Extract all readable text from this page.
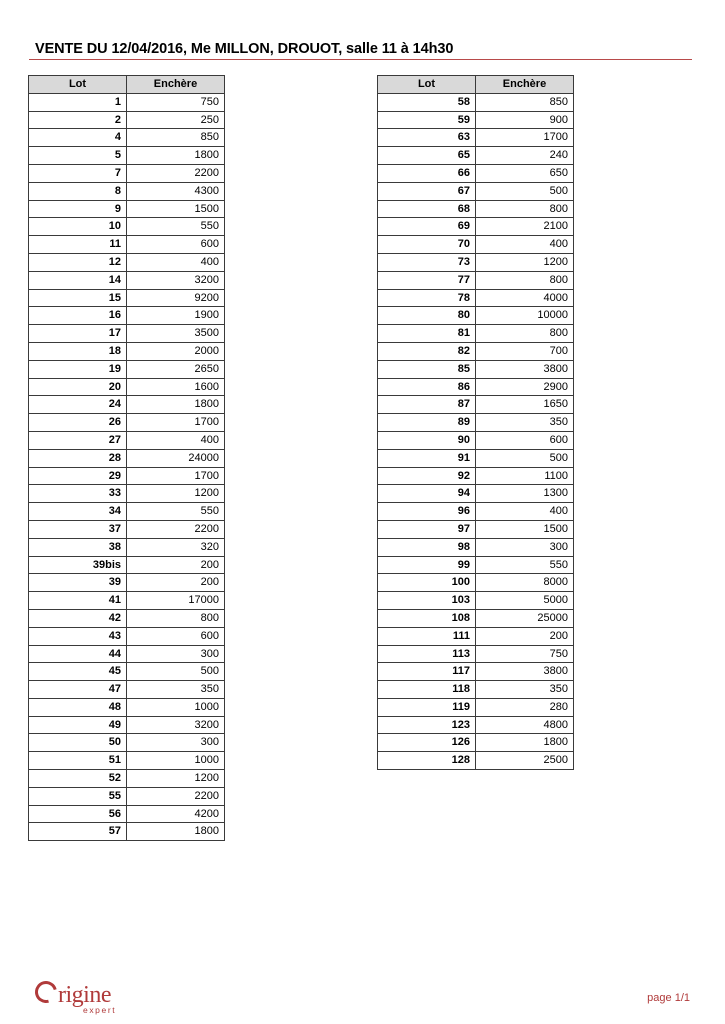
VENTE DU 12/04/2016, Me MILLON, DROUOT, salle 11 à 14h30
Lot	Enchère
1	750
2	250
4	850
5	1800
7	2200
8	4300
9	1500
10	550
11	600
12	400
14	3200
15	9200
16	1900
17	3500
18	2000
19	2650
20	1600
24	1800
26	1700
27	400
28	24000
29	1700
33	1200
34	550
37	2200
38	320
39bis	200
39	200
41	17000
42	800
43	600
44	300
45	500
47	350
48	1000
49	3200
50	300
51	1000
52	1200
55	2200
56	4200
57	1800
Lot	Enchère
58	850
59	900
63	1700
65	240
66	650
67	500
68	800
69	2100
70	400
73	1200
77	800
78	4000
80	10000
81	800
82	700
85	3800
86	2900
87	1650
89	350
90	600
91	500
92	1100
94	1300
96	400
97	1500
98	300
99	550
100	8000
103	5000
108	25000
111	200
113	750
117	3800
118	350
119	280
123	4800
126	1800
128	2500
rigine
expert
page 1/1
